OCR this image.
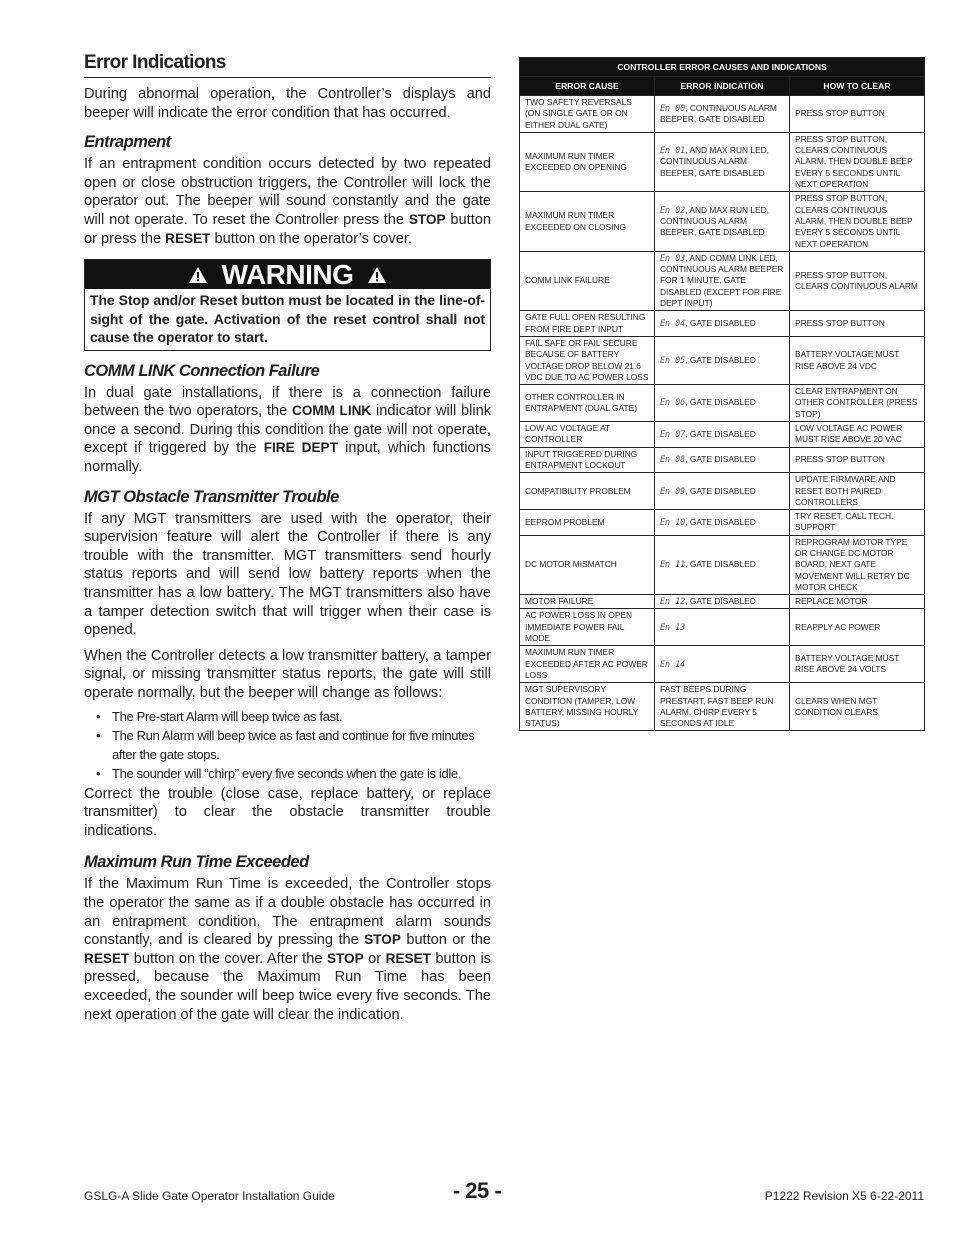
Error Indications

During abnormal operation, the Controller’s displays and beeper will indicate the error condition that has occurred.

Entrapment

If an entrapment condition occurs detected by two repeated open or close obstruction triggers, the Controller will lock the operator out. The beeper will sound constantly and the gate will not operate. To reset the Controller press the STOP button or press the RESET button on the operator’s cover.

WARNING
The Stop and/or Reset button must be located in the line-of-sight of the gate. Activation of the reset control shall not cause the operator to start.
COMM LINK Connection Failure

In dual gate installations, if there is a connection failure between the two operators, the COMM LINK indicator will blink once a second. During this condition the gate will not operate, except if triggered by the FIRE DEPT input, which functions normally.

MGT Obstacle Transmitter Trouble

If any MGT transmitters are used with the operator, their supervision feature will alert the Controller if there is any trouble with the transmitter. MGT transmitters send hourly status reports and will send low battery reports when the transmitter has a low battery. The MGT transmitters also have a tamper detection switch that will trigger when their case is opened.

When the Controller detects a low transmitter battery, a tamper signal, or missing transmitter status reports, the gate will still operate normally, but the beeper will change as follows:

• The Pre-start Alarm will beep twice as fast.
• The Run Alarm will beep twice as fast and continue for five minutes after the gate stops.
• The sounder will “chirp” every five seconds when the gate is idle.

Correct the trouble (close case, replace battery, or replace transmitter) to clear the obstacle transmitter trouble indications.

Maximum Run Time Exceeded

If the Maximum Run Time is exceeded, the Controller stops the operator the same as if a double obstacle has occurred in an entrapment condition. The entrapment alarm sounds constantly, and is cleared by pressing the STOP button or the RESET button on the cover. After the STOP or RESET button is pressed, because the Maximum Run Time has been exceeded, the sounder will beep twice every five seconds. The next operation of the gate will clear the indication.

CONTROLLER ERROR CAUSES AND INDICATIONS		
ERROR CAUSE	ERROR INDICATION	HOW TO CLEAR
TWO SAFETY REVERSALS (ON SINGLE GATE OR ON EITHER DUAL GATE)	En 00, CONTINUOUS ALARM BEEPER, GATE DISABLED	PRESS STOP BUTTON
MAXIMUM RUN TIMER EXCEEDED ON OPENING	En 01, AND MAX RUN LED, CONTINUOUS ALARM BEEPER, GATE DISABLED	PRESS STOP BUTTON, CLEARS CONTINUOUS ALARM, THEN DOUBLE BEEP EVERY 5 SECONDS UNTIL NEXT OPERATION
MAXIMUM RUN TIMER EXCEEDED ON CLOSING	En 02, AND MAX RUN LED, CONTINUOUS ALARM BEEPER, GATE DISABLED	PRESS STOP BUTTON, CLEARS CONTINUOUS ALARM, THEN DOUBLE BEEP EVERY 5 SECONDS UNTIL NEXT OPERATION
COMM LINK FAILURE	En 03, AND COMM LINK LED, CONTINUOUS ALARM BEEPER FOR 1 MINUTE, GATE DISABLED (EXCEPT FOR FIRE DEPT INPUT)	PRESS STOP BUTTON, CLEARS CONTINUOUS ALARM
GATE FULL OPEN RESULTING FROM FIRE DEPT INPUT	En 04, GATE DISABLED	PRESS STOP BUTTON
FAIL SAFE OR FAIL SECURE BECAUSE OF BATTERY VOLTAGE DROP BELOW 21.6 VDC DUE TO AC POWER LOSS	En 05, GATE DISABLED	BATTERY VOLTAGE MUST RISE ABOVE 24 VDC
OTHER CONTROLLER IN ENTRAPMENT (DUAL GATE)	En 06, GATE DISABLED	CLEAR ENTRAPMENT ON OTHER CONTROLLER (PRESS STOP)
LOW AC VOLTAGE AT CONTROLLER	En 07, GATE DISABLED	LOW VOLTAGE AC POWER MUST RISE ABOVE 20 VAC
INPUT TRIGGERED DURING ENTRAPMENT LOCKOUT	En 08, GATE DISABLED	PRESS STOP BUTTON
COMPATIBILITY PROBLEM	En 09, GATE DISABLED	UPDATE FIRMWARE AND RESET BOTH PAIRED CONTROLLERS
EEPROM PROBLEM	En 10, GATE DISABLED	TRY RESET, CALL TECH. SUPPORT
DC MOTOR MISMATCH	En 11, GATE DISABLED	REPROGRAM MOTOR TYPE OR CHANGE DC MOTOR BOARD, NEXT GATE MOVEMENT WILL RETRY DC MOTOR CHECK
MOTOR FAILURE	En 12, GATE DISABLED	REPLACE MOTOR
AC POWER LOSS IN OPEN IMMEDIATE POWER FAIL MODE	En 13	REAPPLY AC POWER
MAXIMUM RUN TIMER EXCEEDED AFTER AC POWER LOSS	En 14	BATTERY VOLTAGE MUST RISE ABOVE 24 VOLTS
MGT SUPERVISORY CONDITION (TAMPER, LOW BATTERY, MISSING HOURLY STATUS)	FAST BEEPS DURING PRESTART, FAST BEEP RUN ALARM, CHIRP EVERY 5 SECONDS AT IDLE	CLEARS WHEN MGT CONDITION CLEARS
GSLG-A Slide Gate Operator Installation Guide	- 25 -	P1222 Revision X5 6-22-2011
